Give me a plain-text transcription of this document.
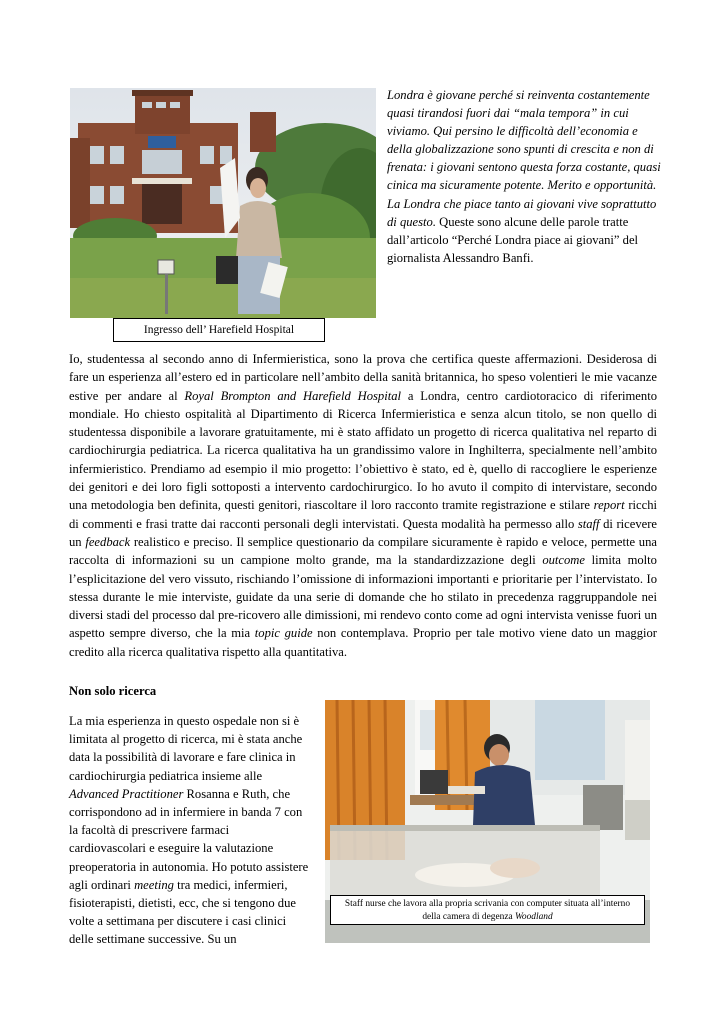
Ingresso dell’ Harefield Hospital

Londra è giovane perché si reinventa costantemente quasi tirandosi fuori dai “mala tempora” in cui viviamo. Qui persino le difficoltà dell’economia e della globalizzazione sono spunti di crescita e non di frenata: i giovani sentono questa forza costante, quasi cinica ma sicuramente potente. Merito e opportunità. La Londra che piace tanto ai giovani vive soprattutto di questo. Queste sono alcune delle parole tratte dall’articolo “Perché Londra piace ai giovani” del giornalista Alessandro Banfi.

Io, studentessa al secondo anno di Infermieristica, sono la prova che certifica queste affermazioni. Desiderosa di fare un esperienza all’estero ed in particolare nell’ambito della sanità britannica, ho speso volentieri le mie vacanze estive per andare al Royal Brompton and Harefield Hospital a Londra, centro cardiotoracico di riferimento mondiale. Ho chiesto ospitalità al Dipartimento di Ricerca Infermieristica e senza alcun titolo, se non quello di studentessa disponibile a lavorare gratuitamente, mi è stato affidato un progetto di ricerca qualitativa nel reparto di cardiochirurgia pediatrica. La ricerca qualitativa ha un grandissimo valore in Inghilterra, specialmente nell’ambito infermieristico. Prendiamo ad esempio il mio progetto: l’obiettivo è stato, ed è, quello di raccogliere le esperienze dei genitori e dei loro figli sottoposti a intervento cardochirurgico. Io ho avuto il compito di intervistare, secondo una metodologia ben definita, questi genitori, riascoltare il loro racconto tramite registrazione e stilare report ricchi di commenti e frasi tratte dai racconti personali degli intervistati. Questa modalità ha permesso allo staff di ricevere un feedback realistico e preciso. Il semplice questionario da compilare sicuramente è rapido e veloce, permette una raccolta di informazioni su un campione molto grande, ma la standardizzazione degli outcome limita molto l’esplicitazione del vero vissuto, rischiando l’omissione di informazioni importanti e prioritarie per l’intervistato. Io stessa durante le mie interviste, guidate da una serie di domande che ho stilato in precedenza raggruppandole nei diversi stadi del processo dal pre-ricovero alle dimissioni, mi rendevo conto come ad ogni intervista venisse fuori un aspetto sempre diverso, che la mia topic guide non contemplava. Proprio per tale motivo viene dato un maggior credito alla ricerca qualitativa rispetto alla quantitativa.

Non solo ricerca

La mia esperienza in questo ospedale non si è limitata al progetto di ricerca, mi è stata anche data la possibilità di lavorare e fare clinica in cardiochirurgia pediatrica insieme alle Advanced Practitioner Rosanna e Ruth, che corrispondono ad in infermiere in banda 7 con la facoltà di prescrivere farmaci cardiovascolari e eseguire la valutazione preoperatoria in autonomia. Ho potuto assistere agli ordinari meeting tra medici, infermieri, fisioterapisti, dietisti, ecc, che si tengono due volte a settimana per discutere i casi clinici delle settimane successive. Su un

Staff nurse che lavora alla propria scrivania con computer situata all’interno
della camera di degenza Woodland
